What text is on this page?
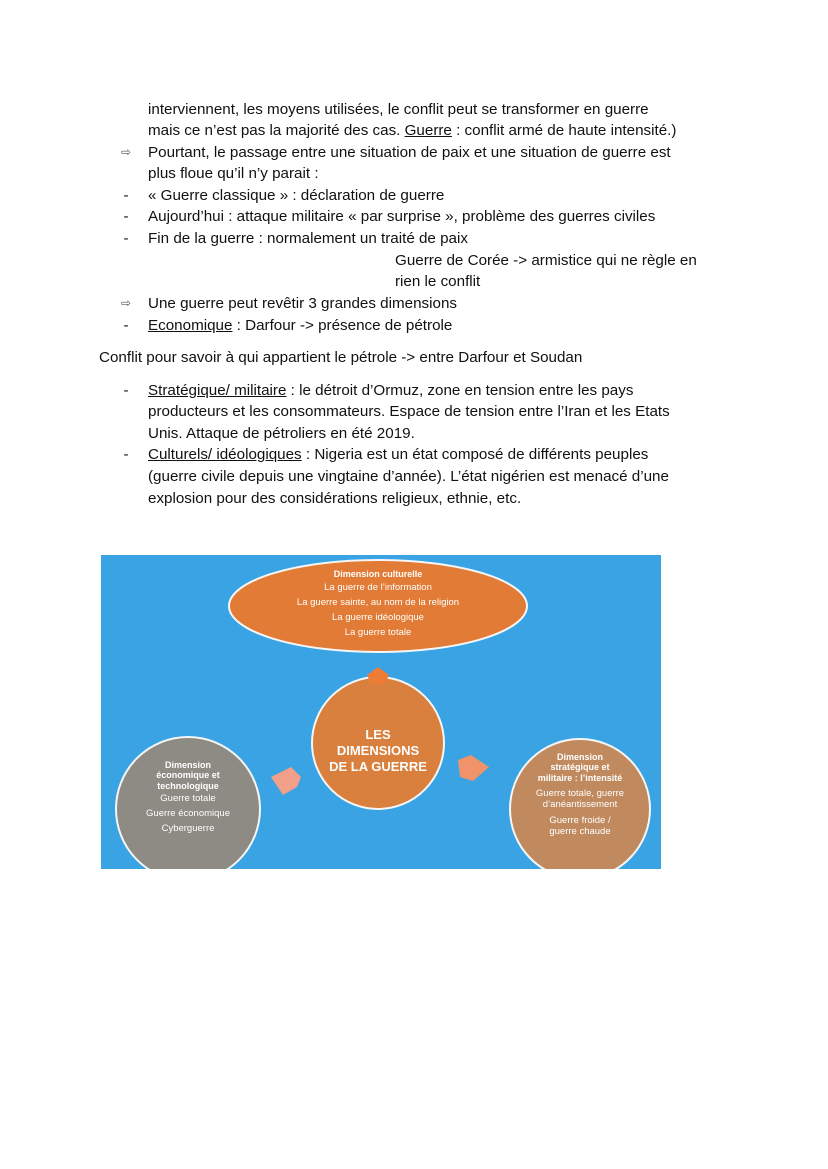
interviennent, les moyens utilisées, le conflit peut se transformer en guerre
mais ce n’est pas la majorité des cas. Guerre : conflit armé de haute intensité.)
⇨ Pourtant, le passage entre une situation de paix et une situation de guerre est
plus floue qu’il n’y parait :
-	« Guerre classique » : déclaration de guerre
-	Aujourd’hui : attaque militaire « par surprise », problème des guerres civiles
-	Fin de la guerre : normalement un traité de paix
Guerre de Corée -> armistice qui ne règle en
rien le conflit
⇨ Une guerre peut revêtir 3 grandes dimensions
-	Economique : Darfour -> présence de pétrole
Conflit pour savoir à qui appartient le pétrole -> entre Darfour et Soudan
-	Stratégique/ militaire : le détroit d’Ormuz, zone en tension entre les pays
producteurs et les consommateurs. Espace de tension entre l’Iran et les Etats
Unis. Attaque de pétroliers en été 2019.
-	Culturels/ idéologiques : Nigeria est un état composé de différents peuples
(guerre civile depuis une vingtaine d’année). L’état nigérien est menacé d’une
explosion pour des considérations religieux, ethnie, etc.
Dimension culturelle
La guerre de l’information
La guerre sainte, au nom de la religion
La guerre idéologique
La guerre totale
LES
DIMENSIONS
DE LA GUERRE
Dimension
économique et
technologique
Guerre totale
Guerre économique
Cyberguerre
Dimension
stratégique et
militaire : l’intensité
Guerre totale, guerre
d’anéantissement
Guerre froide /
guerre chaude
